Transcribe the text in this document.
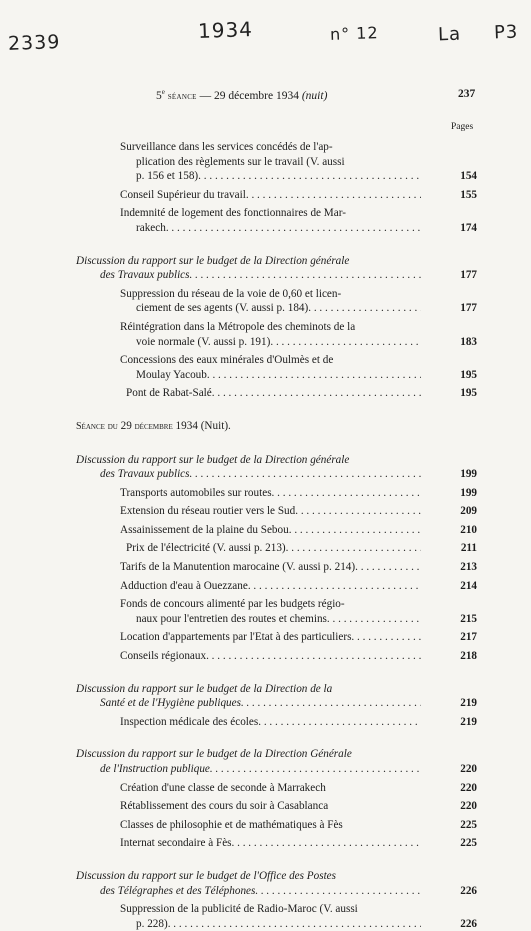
2339
1934	n° 12	La P3
5e séance — 29 décembre 1934 (nuit)	237
Pages
Surveillance dans les services concédés de l'ap-
plication des règlements sur le travail (V. aussi
p. 156 et 158) . . .	154
Conseil Supérieur du travail . . .	155
Indemnité de logement des fonctionnaires de Mar-
rakech . . .	174
Discussion du rapport sur le budget de la Direction générale
des Travaux publics . . .	177
Suppression du réseau de la voie de 0,60 et licen-
ciement de ses agents (V. aussi p. 184) . . .	177
Réintégration dans la Métropole des cheminots de la
voie normale (V. aussi p. 191) . . .	183
Concessions des eaux minérales d'Oulmès et de
Moulay Yacoub . . .	195
Pont de Rabat-Salé . . .	195
Séance du 29 décembre 1934 (Nuit).
Discussion du rapport sur le budget de la Direction générale
des Travaux publics . . .	199
Transports automobiles sur routes . . .	199
Extension du réseau routier vers le Sud . . .	209
Assainissement de la plaine du Sebou . . .	210
Prix de l'électricité (V. aussi p. 213) . . .	211
Tarifs de la Manutention marocaine (V. aussi p. 214) . . .	213
Adduction d'eau à Ouezzane . . .	214
Fonds de concours alimenté par les budgets régio-
naux pour l'entretien des routes et chemins . . .	215
Location d'appartements par l'Etat à des particuliers . . .	217
Conseils régionaux . . .	218
Discussion du rapport sur le budget de la Direction de la
Santé et de l'Hygiène publiques . . .	219
Inspection médicale des écoles . . .	219
Discussion du rapport sur le budget de la Direction Générale
de l'Instruction publique . . .	220
Création d'une classe de seconde à Marrakech	220
Rétablissement des cours du soir à Casablanca	220
Classes de philosophie et de mathématiques à Fès	225
Internat secondaire à Fès . . .	225
Discussion du rapport sur le budget de l'Office des Postes
des Télégraphes et des Téléphones . . .	226
Suppression de la publicité de Radio-Maroc (V. aussi
p. 228) . . .	226
